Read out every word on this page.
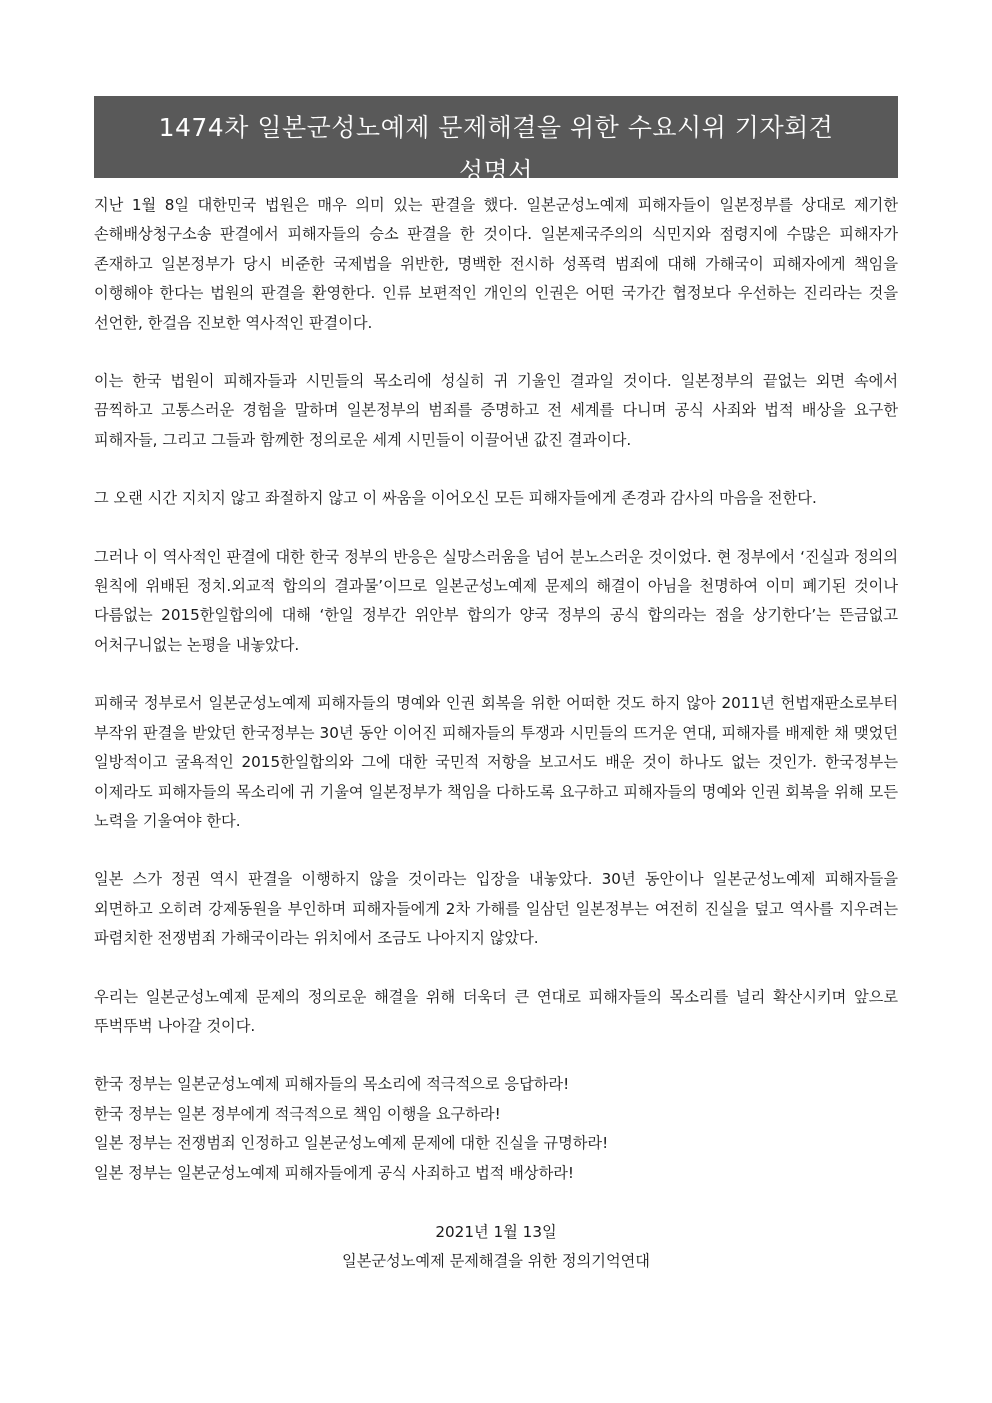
1474차 일본군성노예제 문제해결을 위한 수요시위 기자회견
성명서

지난 1월 8일 대한민국 법원은 매우 의미 있는 판결을 했다. 일본군성노예제 피해자들이 일본정부를 상대로 제기한 손해배상청구소송 판결에서 피해자들의 승소 판결을 한 것이다. 일본제국주의의 식민지와 점령지에 수많은 피해자가 존재하고 일본정부가 당시 비준한 국제법을 위반한, 명백한 전시하 성폭력 범죄에 대해 가해국이 피해자에게 책임을 이행해야 한다는 법원의 판결을 환영한다. 인류 보편적인 개인의 인권은 어떤 국가간 협정보다 우선하는 진리라는 것을 선언한, 한걸음 진보한 역사적인 판결이다.

이는 한국 법원이 피해자들과 시민들의 목소리에 성실히 귀 기울인 결과일 것이다. 일본정부의 끝없는 외면 속에서 끔찍하고 고통스러운 경험을 말하며 일본정부의 범죄를 증명하고 전 세계를 다니며 공식 사죄와 법적 배상을 요구한 피해자들, 그리고 그들과 함께한 정의로운 세계 시민들이 이끌어낸 값진 결과이다.

그 오랜 시간 지치지 않고 좌절하지 않고 이 싸움을 이어오신 모든 피해자들에게 존경과 감사의 마음을 전한다.

그러나 이 역사적인 판결에 대한 한국 정부의 반응은 실망스러움을 넘어 분노스러운 것이었다. 현 정부에서 ‘진실과 정의의 원칙에 위배된 정치.외교적 합의의 결과물’이므로 일본군성노예제 문제의 해결이 아님을 천명하여 이미 폐기된 것이나 다름없는 2015한일합의에 대해 ‘한일 정부간 위안부 합의가 양국 정부의 공식 합의라는 점을 상기한다’는 뜬금없고 어처구니없는 논평을 내놓았다.

피해국 정부로서 일본군성노예제 피해자들의 명예와 인권 회복을 위한 어떠한 것도 하지 않아 2011년 헌법재판소로부터 부작위 판결을 받았던 한국정부는 30년 동안 이어진 피해자들의 투쟁과 시민들의 뜨거운 연대, 피해자를 배제한 채 맺었던 일방적이고 굴욕적인 2015한일합의와 그에 대한 국민적 저항을 보고서도 배운 것이 하나도 없는 것인가. 한국정부는 이제라도 피해자들의 목소리에 귀 기울여 일본정부가 책임을 다하도록 요구하고 피해자들의 명예와 인권 회복을 위해 모든 노력을 기울여야 한다.

일본 스가 정권 역시 판결을 이행하지 않을 것이라는 입장을 내놓았다. 30년 동안이나 일본군성노예제 피해자들을 외면하고 오히려 강제동원을 부인하며 피해자들에게 2차 가해를 일삼던 일본정부는 여전히 진실을 덮고 역사를 지우려는 파렴치한 전쟁범죄 가해국이라는 위치에서 조금도 나아지지 않았다.

우리는 일본군성노예제 문제의 정의로운 해결을 위해 더욱더 큰 연대로 피해자들의 목소리를 널리 확산시키며 앞으로 뚜벅뚜벅 나아갈 것이다.

한국 정부는 일본군성노예제 피해자들의 목소리에 적극적으로 응답하라!
한국 정부는 일본 정부에게 적극적으로 책임 이행을 요구하라!
일본 정부는 전쟁범죄 인정하고 일본군성노예제 문제에 대한 진실을 규명하라!
일본 정부는 일본군성노예제 피해자들에게 공식 사죄하고 법적 배상하라!
2021년 1월 13일
일본군성노예제 문제해결을 위한 정의기억연대
